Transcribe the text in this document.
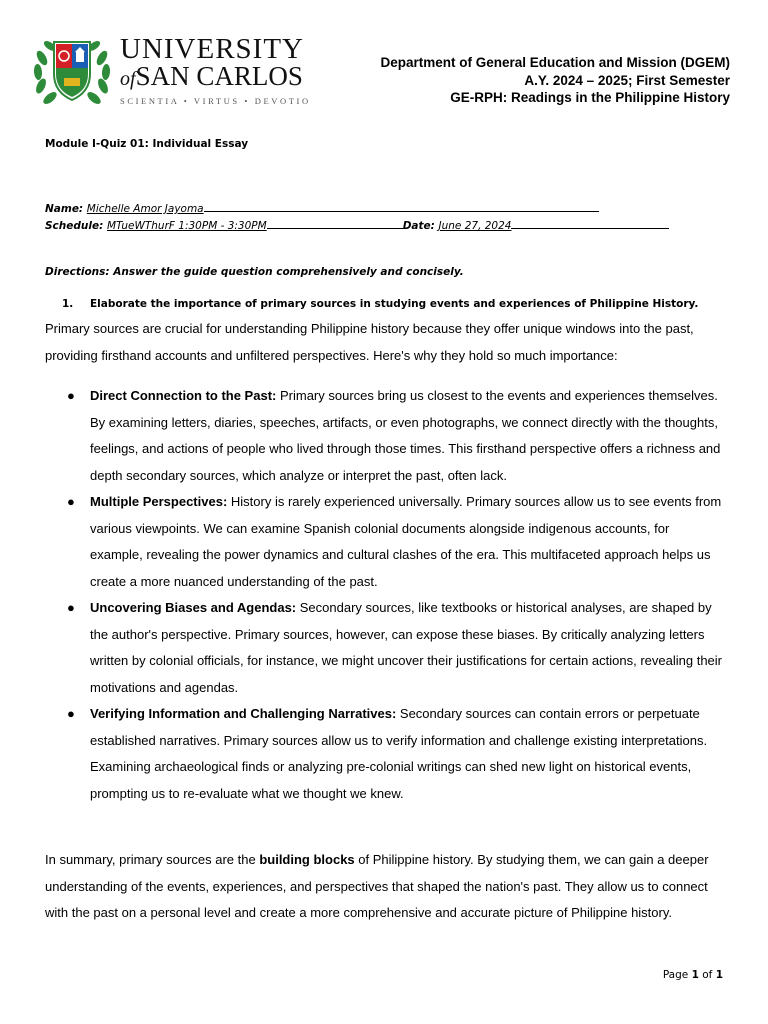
UNIVERSITY
ofSAN CARLOS
SCIENTIA • VIRTUS • DEVOTIO
Department of General Education and Mission (DGEM)
A.Y. 2024 – 2025; First Semester
GE-RPH: Readings in the Philippine History
Module I-Quiz 01: Individual Essay
Name: Michelle Amor Jayoma
Schedule: MTueWThurF 1:30PM - 3:30PM	Date: June 27, 2024
Directions: Answer the guide question comprehensively and concisely.
1. Elaborate the importance of primary sources in studying events and experiences of Philippine History.
Primary sources are crucial for understanding Philippine history because they offer unique windows into the past, providing firsthand accounts and unfiltered perspectives. Here's why they hold so much importance:
● Direct Connection to the Past: Primary sources bring us closest to the events and experiences themselves. By examining letters, diaries, speeches, artifacts, or even photographs, we connect directly with the thoughts, feelings, and actions of people who lived through those times. This firsthand perspective offers a richness and depth secondary sources, which analyze or interpret the past, often lack.
● Multiple Perspectives: History is rarely experienced universally. Primary sources allow us to see events from various viewpoints. We can examine Spanish colonial documents alongside indigenous accounts, for example, revealing the power dynamics and cultural clashes of the era. This multifaceted approach helps us create a more nuanced understanding of the past.
● Uncovering Biases and Agendas: Secondary sources, like textbooks or historical analyses, are shaped by the author's perspective. Primary sources, however, can expose these biases. By critically analyzing letters written by colonial officials, for instance, we might uncover their justifications for certain actions, revealing their motivations and agendas.
● Verifying Information and Challenging Narratives: Secondary sources can contain errors or perpetuate established narratives. Primary sources allow us to verify information and challenge existing interpretations. Examining archaeological finds or analyzing pre-colonial writings can shed new light on historical events, prompting us to re-evaluate what we thought we knew.
In summary, primary sources are the building blocks of Philippine history. By studying them, we can gain a deeper understanding of the events, experiences, and perspectives that shaped the nation's past. They allow us to connect with the past on a personal level and create a more comprehensive and accurate picture of Philippine history.
Page 1 of 1
